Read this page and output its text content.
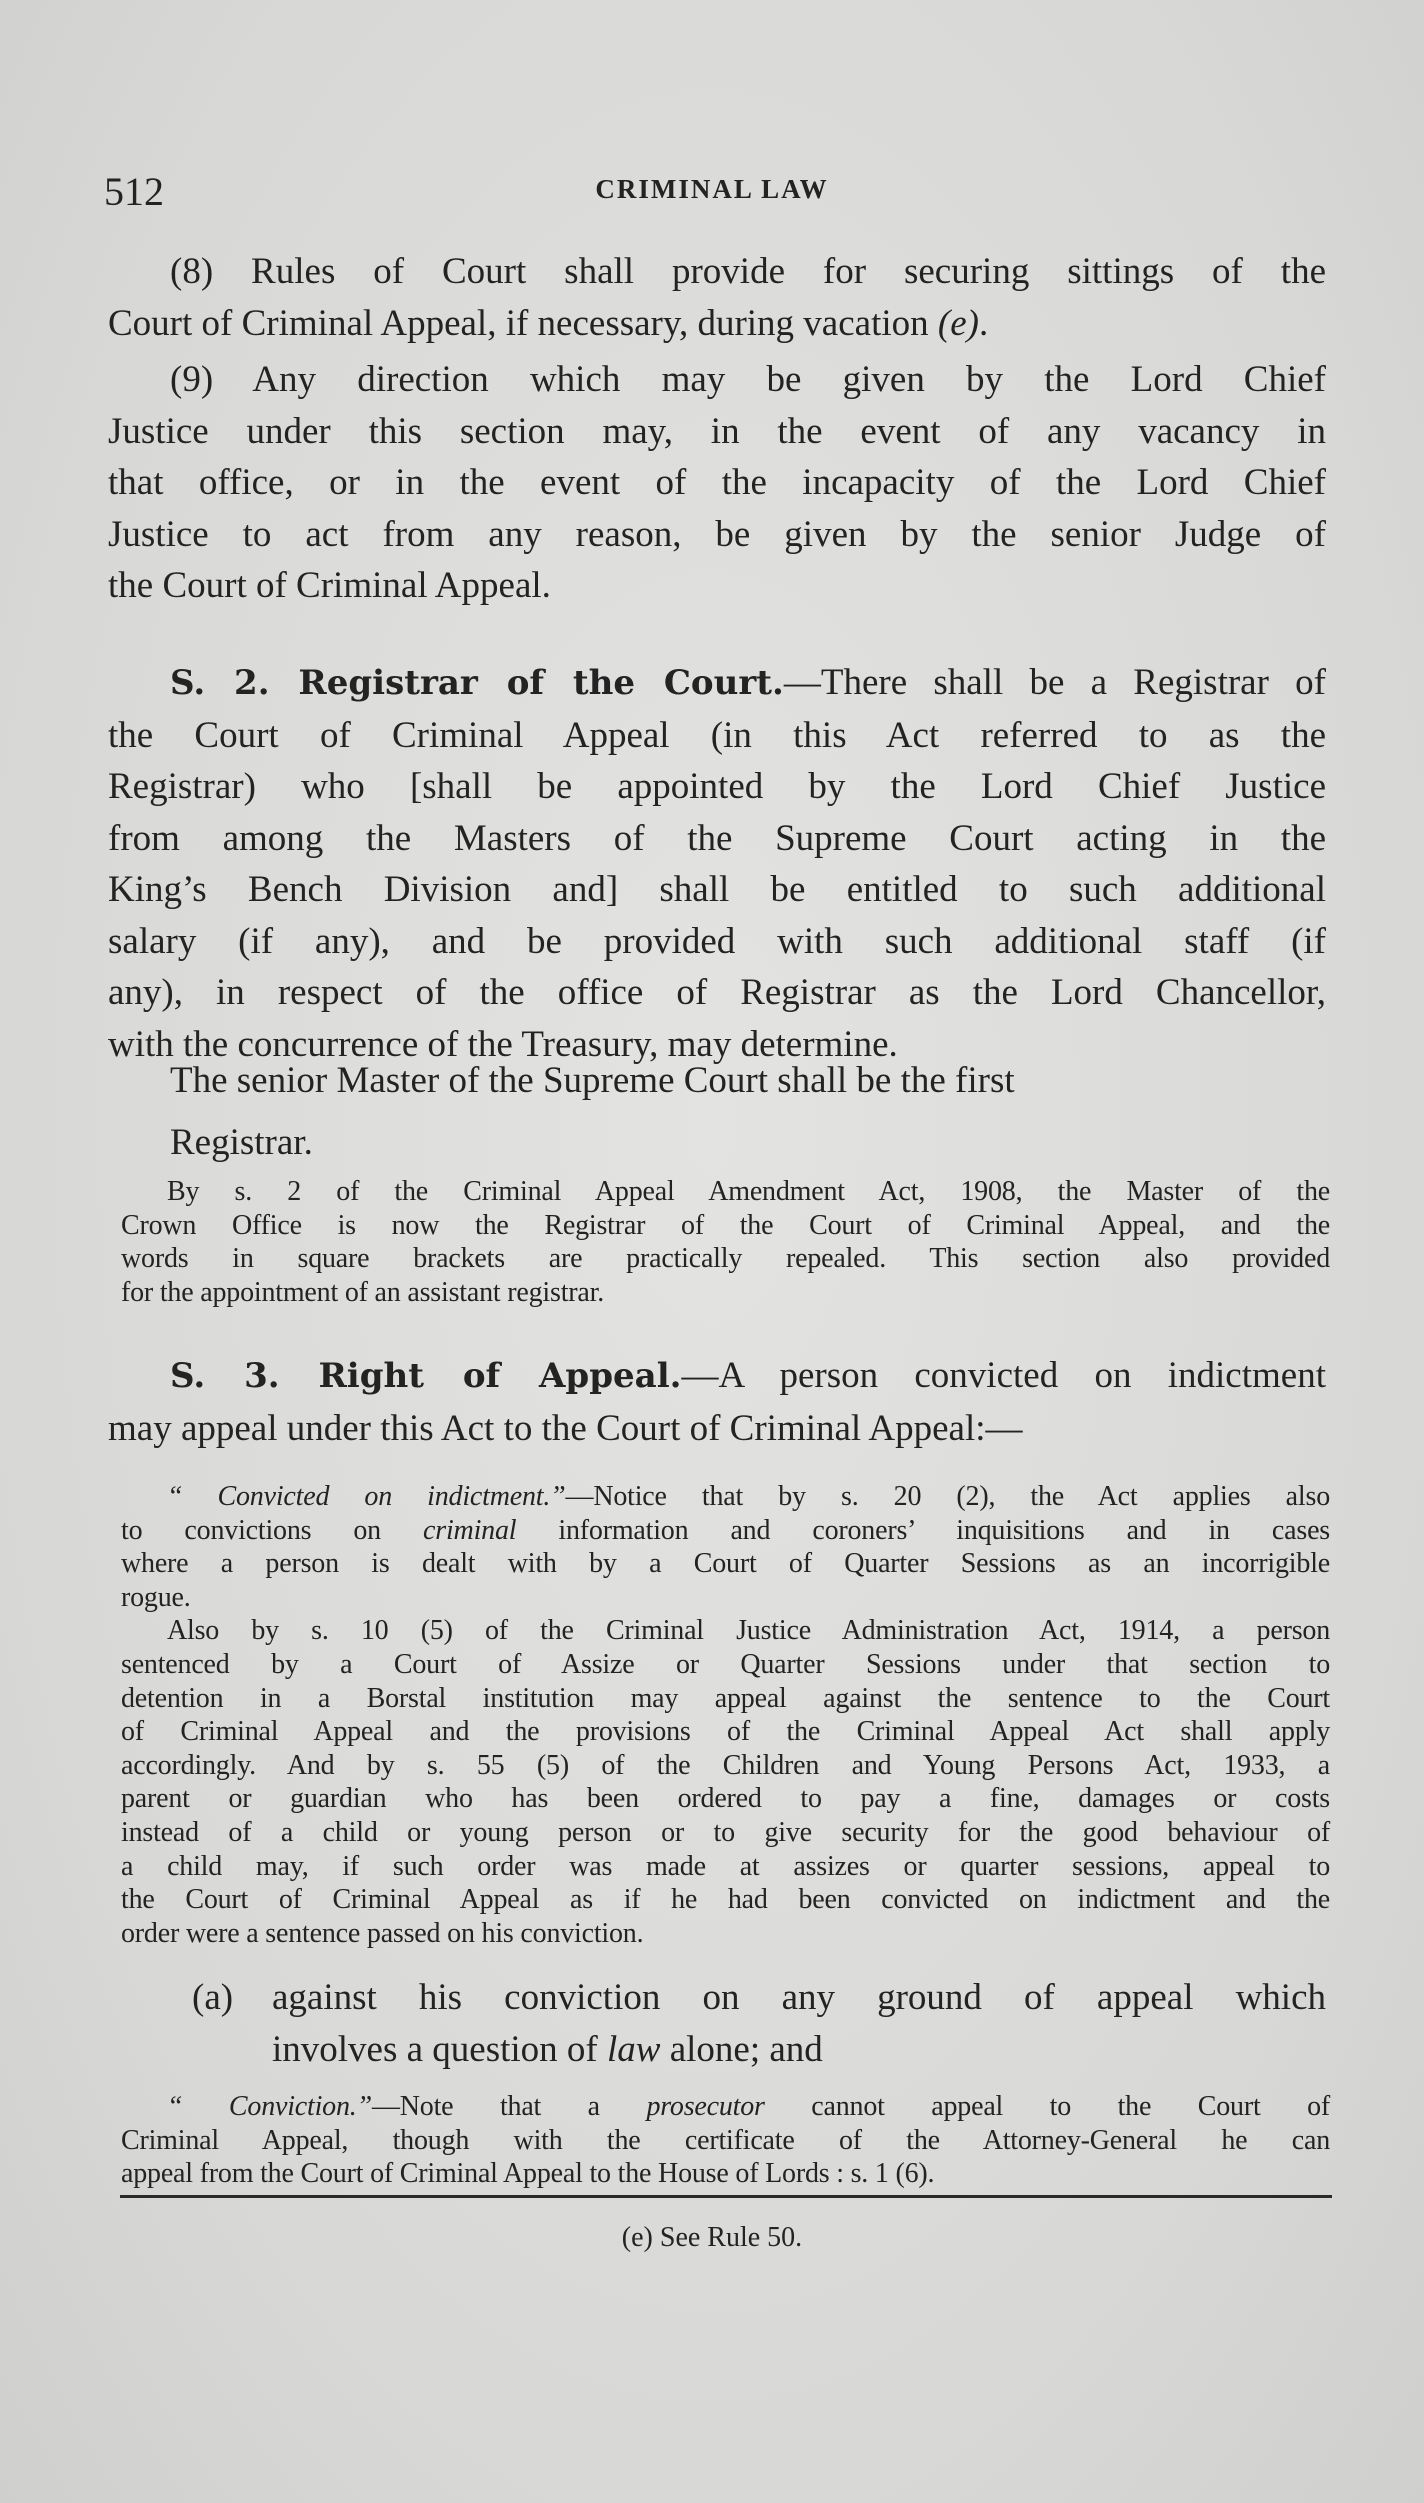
512	CRIMINAL LAW
(8) Rules of Court shall provide for securing sittings of the
Court of Criminal Appeal, if necessary, during vacation (e).
(9) Any direction which may be given by the Lord Chief
Justice under this section may, in the event of any vacancy in
that office, or in the event of the incapacity of the Lord Chief
Justice to act from any reason, be given by the senior Judge of
the Court of Criminal Appeal.
S. 2. Registrar of the Court.—There shall be a Registrar of
the Court of Criminal Appeal (in this Act referred to as the
Registrar) who [shall be appointed by the Lord Chief Justice
from among the Masters of the Supreme Court acting in the
King’s Bench Division and] shall be entitled to such additional
salary (if any), and be provided with such additional staff (if
any), in respect of the office of Registrar as the Lord Chancellor,
with the concurrence of the Treasury, may determine.
The senior Master of the Supreme Court shall be the first
Registrar.
By s. 2 of the Criminal Appeal Amendment Act, 1908, the Master of the
Crown Office is now the Registrar of the Court of Criminal Appeal, and the
words in square brackets are practically repealed. This section also provided
for the appointment of an assistant registrar.
S. 3. Right of Appeal.—A person convicted on indictment
may appeal under this Act to the Court of Criminal Appeal:—
“ Convicted on indictment.”—Notice that by s. 20 (2), the Act applies also
to convictions on criminal information and coroners’ inquisitions and in cases
where a person is dealt with by a Court of Quarter Sessions as an incorrigible
rogue.
Also by s. 10 (5) of the Criminal Justice Administration Act, 1914, a person
sentenced by a Court of Assize or Quarter Sessions under that section to
detention in a Borstal institution may appeal against the sentence to the Court
of Criminal Appeal and the provisions of the Criminal Appeal Act shall apply
accordingly. And by s. 55 (5) of the Children and Young Persons Act, 1933, a
parent or guardian who has been ordered to pay a fine, damages or costs
instead of a child or young person or to give security for the good behaviour of
a child may, if such order was made at assizes or quarter sessions, appeal to
the Court of Criminal Appeal as if he had been convicted on indictment and the
order were a sentence passed on his conviction.
(a) against his conviction on any ground of appeal which
involves a question of law alone; and
“ Conviction.”—Note that a prosecutor cannot appeal to the Court of
Criminal Appeal, though with the certificate of the Attorney-General he can
appeal from the Court of Criminal Appeal to the House of Lords : s. 1 (6).
(e) See Rule 50.
